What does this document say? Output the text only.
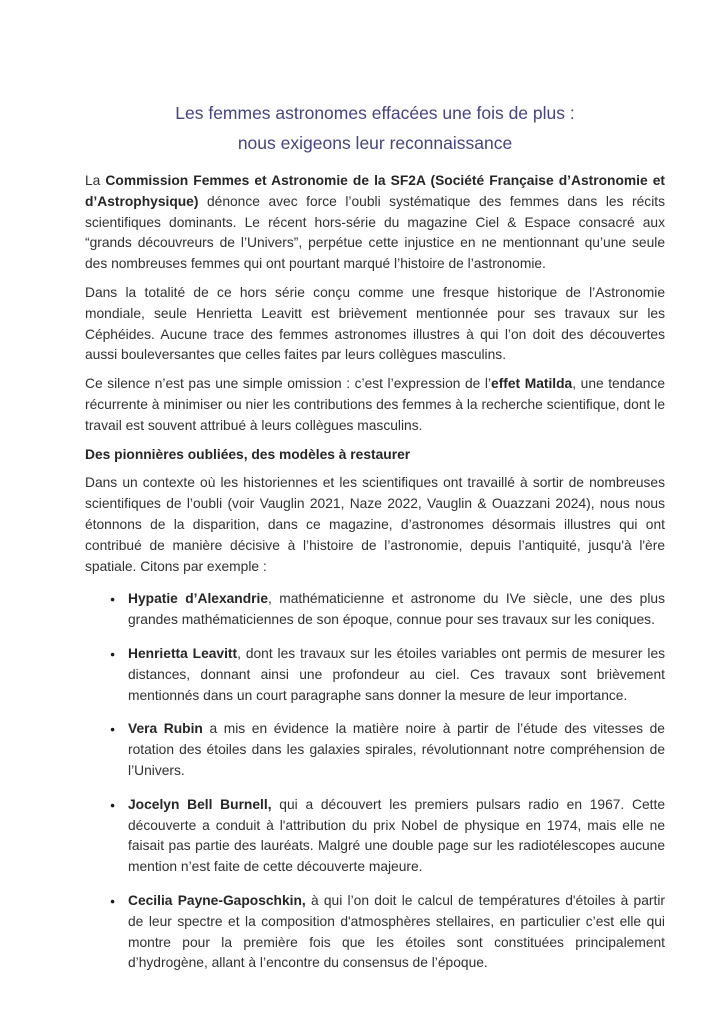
Les femmes astronomes effacées une fois de plus :
nous exigeons leur reconnaissance

La Commission Femmes et Astronomie de la SF2A (Société Française d’Astronomie et d’Astrophysique) dénonce avec force l’oubli systématique des femmes dans les récits scientifiques dominants. Le récent hors-série du magazine Ciel & Espace consacré aux “grands découvreurs de l’Univers”, perpétue cette injustice en ne mentionnant qu’une seule des nombreuses femmes qui ont pourtant marqué l’histoire de l’astronomie.

Dans la totalité de ce hors série conçu comme une fresque historique de l’Astronomie mondiale, seule Henrietta Leavitt est brièvement mentionnée pour ses travaux sur les Céphéides. Aucune trace des femmes astronomes illustres à qui l’on doit des découvertes aussi bouleversantes que celles faites par leurs collègues masculins.

Ce silence n’est pas une simple omission : c’est l’expression de l’effet Matilda, une tendance récurrente à minimiser ou nier les contributions des femmes à la recherche scientifique, dont le travail est souvent attribué à leurs collègues masculins.

Des pionnières oubliées, des modèles à restaurer

Dans un contexte où les historiennes et les scientifiques ont travaillé à sortir de nombreuses scientifiques de l’oubli (voir Vauglin 2021, Naze 2022, Vauglin & Ouazzani 2024), nous nous étonnons de la disparition, dans ce magazine, d’astronomes désormais illustres qui ont contribué de manière décisive à l’histoire de l’astronomie, depuis l’antiquité, jusqu'à l'ère spatiale. Citons par exemple :

● Hypatie d’Alexandrie, mathématicienne et astronome du IVe siècle, une des plus grandes mathématiciennes de son époque, connue pour ses travaux sur les coniques.
● Henrietta Leavitt, dont les travaux sur les étoiles variables ont permis de mesurer les distances, donnant ainsi une profondeur au ciel. Ces travaux sont brièvement mentionnés dans un court paragraphe sans donner la mesure de leur importance.
● Vera Rubin a mis en évidence la matière noire à partir de l’étude des vitesses de rotation des étoiles dans les galaxies spirales, révolutionnant notre compréhension de l’Univers.
● Jocelyn Bell Burnell, qui a découvert les premiers pulsars radio en 1967. Cette découverte a conduit à l'attribution du prix Nobel de physique en 1974, mais elle ne faisait pas partie des lauréats. Malgré une double page sur les radiotélescopes aucune mention n’est faite de cette découverte majeure.
● Cecilia Payne-Gaposchkin, à qui l’on doit le calcul de températures d'étoiles à partir de leur spectre et la composition d'atmosphères stellaires, en particulier c’est elle qui montre pour la première fois que les étoiles sont constituées principalement d’hydrogène, allant à l’encontre du consensus de l’époque.
